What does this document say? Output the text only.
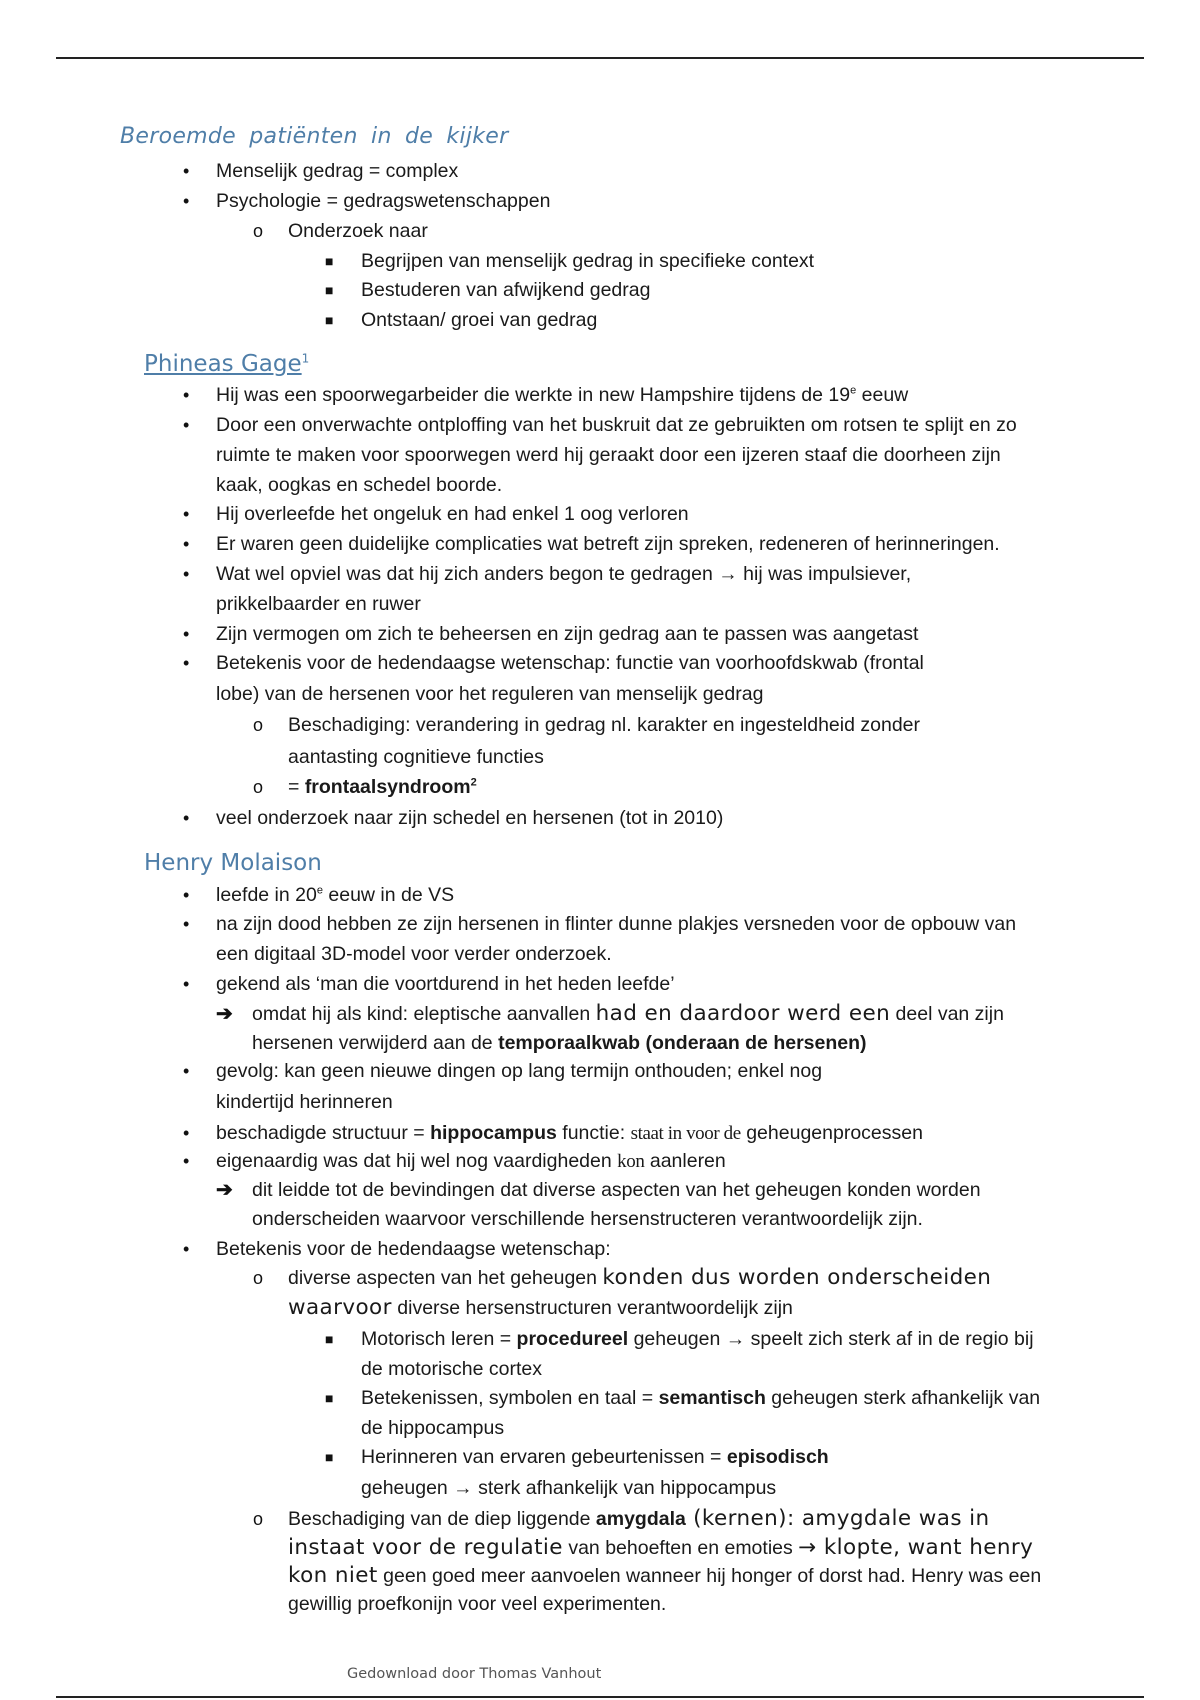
Beroemde patiënten in de kijker
• Menselijk gedrag = complex
• Psychologie = gedragswetenschappen
o Onderzoek naar
■ Begrijpen van menselijk gedrag in specifieke context
■ Bestuderen van afwijkend gedrag
■ Ontstaan/ groei van gedrag
Phineas Gage$^1$
• Hij was een spoorwegarbeider die werkte in new Hampshire tijdens de 19e eeuw
• Door een onverwachte ontploffing van het buskruit dat ze gebruikten om rotsen te splijt en zo
ruimte te maken voor spoorwegen werd hij geraakt door een ijzeren staaf die doorheen zijn
kaak, oogkas en schedel boorde.
• Hij overleefde het ongeluk en had enkel 1 oog verloren
• Er waren geen duidelijke complicaties wat betreft zijn spreken, redeneren of herinneringen.
• Wat wel opviel was dat hij zich anders begon te gedragen → hij was impulsiever,
prikkelbaarder en ruwer
• Zijn vermogen om zich te beheersen en zijn gedrag aan te passen was aangetast
• Betekenis voor de hedendaagse wetenschap: functie van voorhoofdskwab (frontal
lobe) van de hersenen voor het reguleren van menselijk gedrag
o Beschadiging: verandering in gedrag nl. karakter en ingesteldheid zonder
aantasting cognitieve functies
o = frontaalsyndroom$^2$
• veel onderzoek naar zijn schedel en hersenen (tot in 2010)
Henry Molaison
• leefde in 20e eeuw in de VS
• na zijn dood hebben ze zijn hersenen in flinter dunne plakjes versneden voor de opbouw van
een digitaal 3D-model voor verder onderzoek.
• gekend als ‘man die voortdurend in het heden leefde’
➔ omdat hij als kind: eleptische aanvallen had en daardoor werd een deel van zijn
hersenen verwijderd aan de temporaalkwab (onderaan de hersenen)
• gevolg: kan geen nieuwe dingen op lang termijn onthouden; enkel nog
kindertijd herinneren
• beschadigde structuur = hippocampus functie: staat in voor de geheugenprocessen
• eigenaardig was dat hij wel nog vaardigheden kon aanleren
➔ dit leidde tot de bevindingen dat diverse aspecten van het geheugen konden worden
onderscheiden waarvoor verschillende hersenstructeren verantwoordelijk zijn.
• Betekenis voor de hedendaagse wetenschap:
o diverse aspecten van het geheugen konden dus worden onderscheiden
waarvoor diverse hersenstructuren verantwoordelijk zijn
■ Motorisch leren = procedureel geheugen → speelt zich sterk af in de regio bij
de motorische cortex
■ Betekenissen, symbolen en taal = semantisch geheugen sterk afhankelijk van
de hippocampus
■ Herinneren van ervaren gebeurtenissen = episodisch
geheugen → sterk afhankelijk van hippocampus
o Beschadiging van de diep liggende amygdala (kernen): amygdale was in
instaat voor de regulatie van behoeften en emoties → klopte, want henry
kon niet geen goed meer aanvoelen wanneer hij honger of dorst had. Henry was een
gewillig proefkonijn voor veel experimenten.
Gedownload door Thomas Vanhout
